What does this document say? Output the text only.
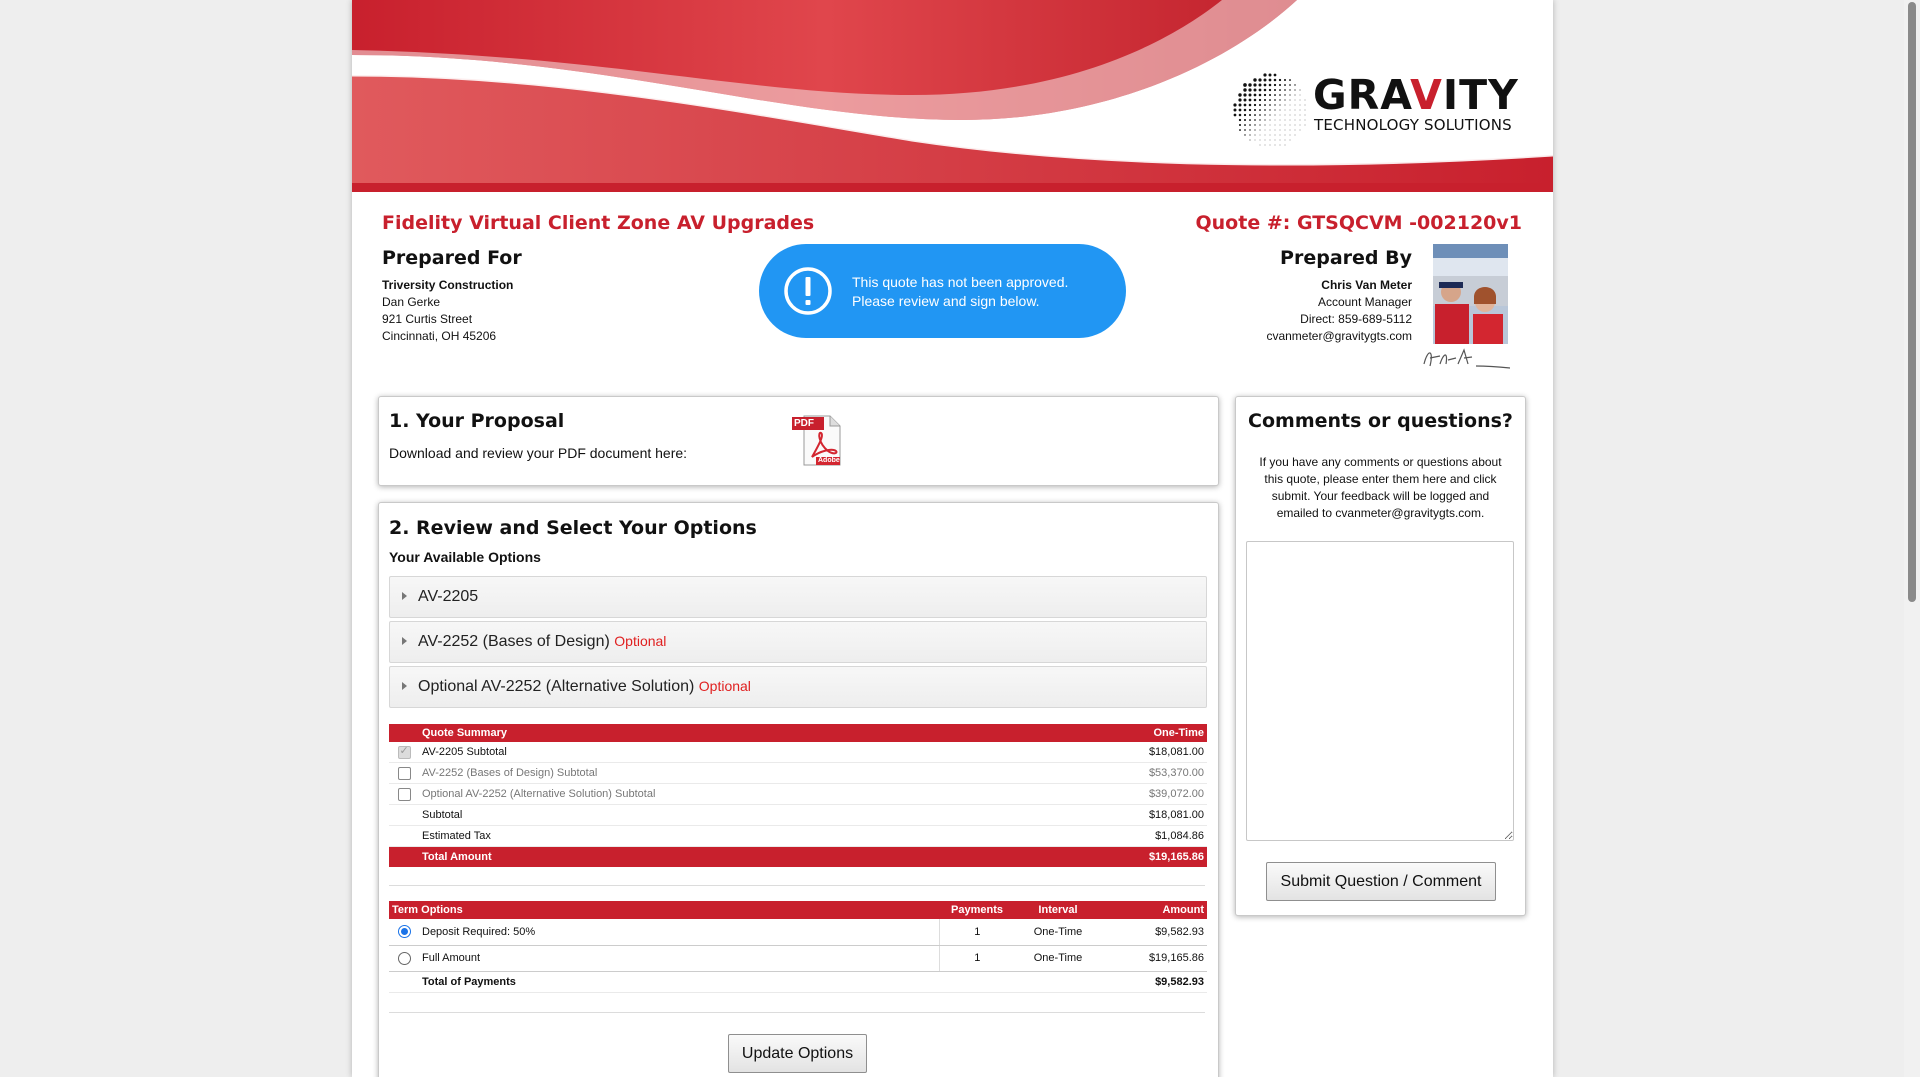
GRAVITY
TECHNOLOGY SOLUTIONS
Fidelity Virtual Client Zone AV Upgrades	Quote #: GTSQCVM -002120v1
Prepared For
Triversity Construction
Dan Gerke
921 Curtis Street
Cincinnati, OH 45206
This quote has not been approved.
Please review and sign below.
Prepared By
Chris Van Meter
Account Manager
Direct: 859-689-5112
cvanmeter@gravitygts.com
1. Your Proposal
Download and review your PDF document here:
PDF
Adobe
2. Review and Select Your Options
Your Available Options
AV-2205
AV-2252 (Bases of Design) Optional
Optional AV-2252 (Alternative Solution) Optional
	Quote Summary	One-Time
✓	AV-2205 Subtotal	$18,081.00
	AV-2252 (Bases of Design) Subtotal	$53,370.00
	Optional AV-2252 (Alternative Solution) Subtotal	$39,072.00
	Subtotal	$18,081.00
	Estimated Tax	$1,084.86
	Total Amount	$19,165.86
Term Options		Payments	Interval	Amount
	Deposit Required: 50%	1	One-Time	$9,582.93
	Full Amount	1	One-Time	$19,165.86
	Total of Payments			$9,582.93
Update Options
Comments or questions?
If you have any comments or questions about
this quote, please enter them here and click
submit. Your feedback will be logged and
emailed to cvanmeter@gravitygts.com.
Submit Question / Comment
